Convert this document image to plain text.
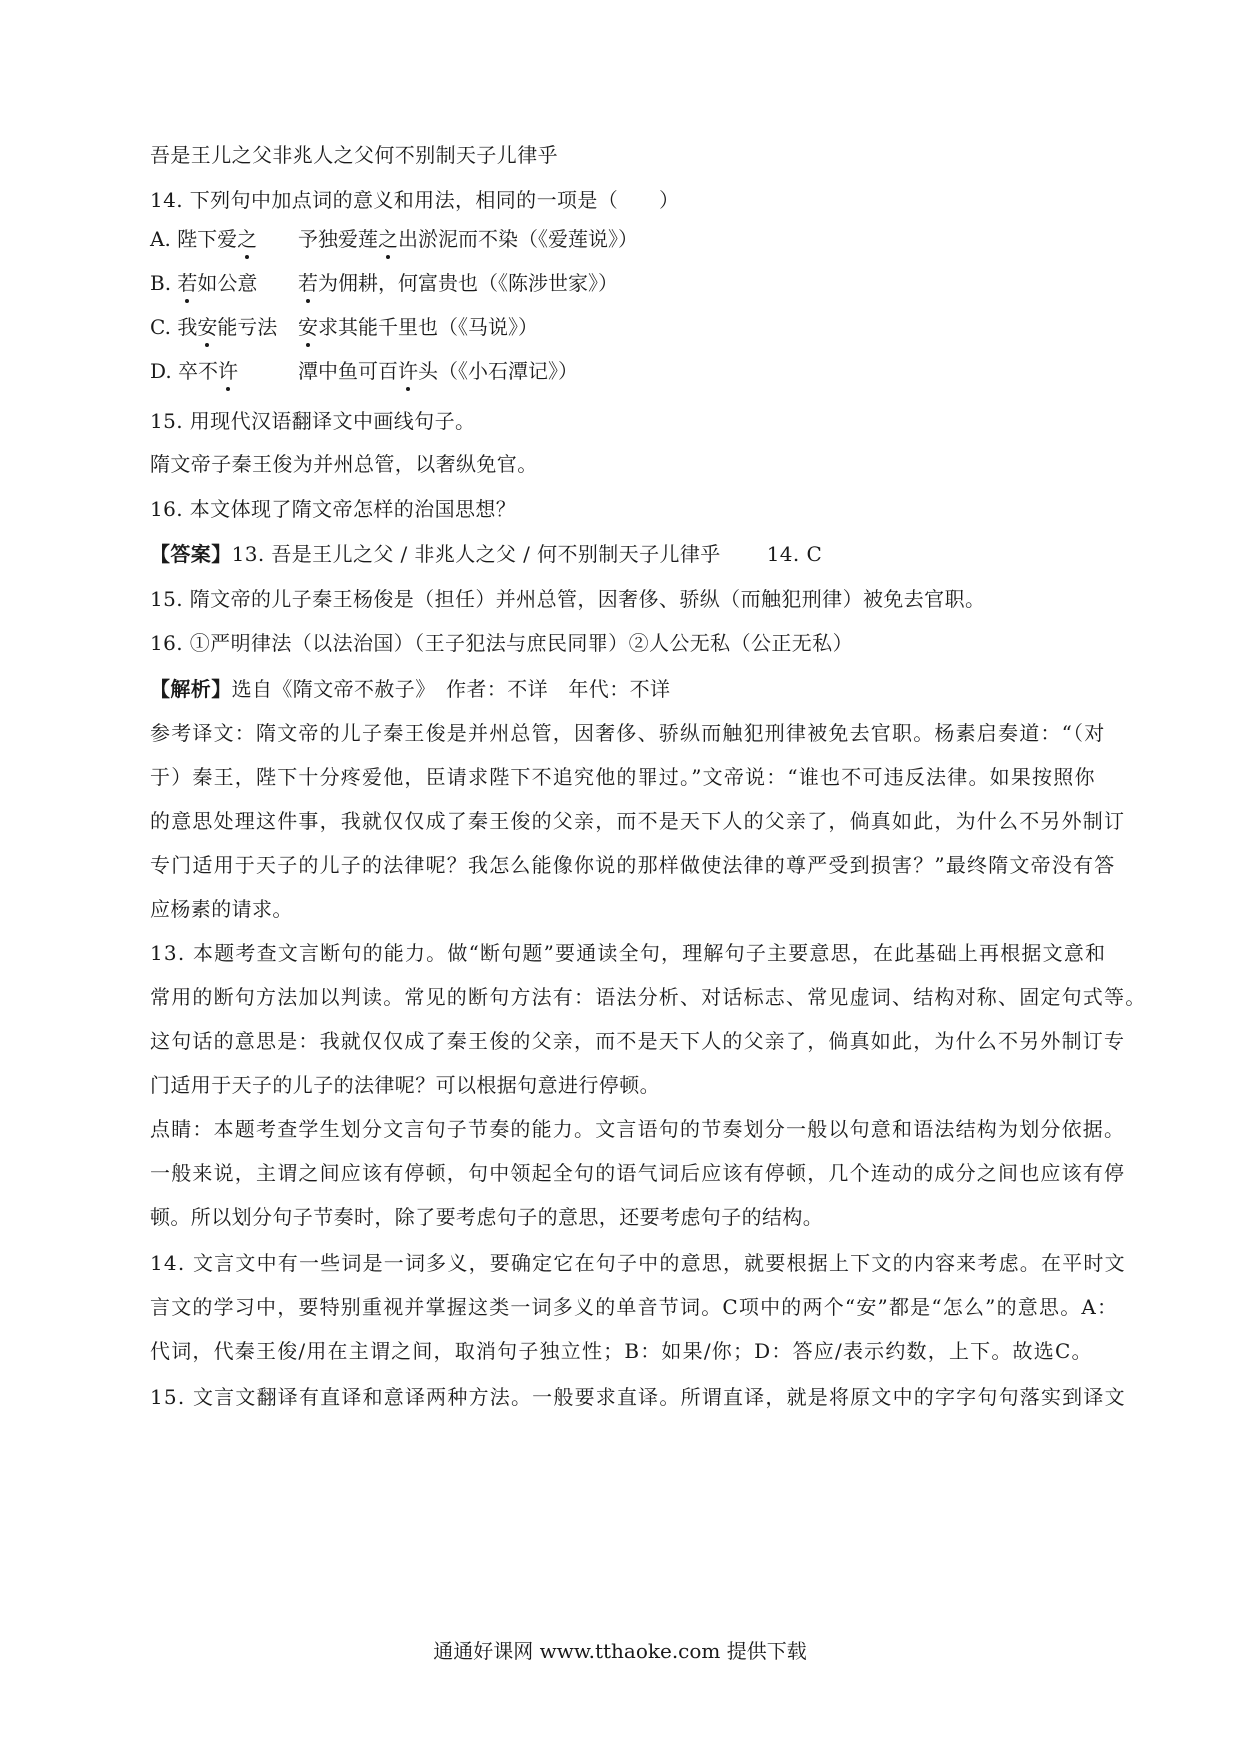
吾是王儿之父非兆人之父何不别制天子儿律乎
14. 下列句中加点词的意义和用法，相同的一项是（　　）
A. 陛下爱之 予独爱莲之出淤泥而不染（《爱莲说》）
B. 若如公意 若为佣耕，何富贵也（《陈涉世家》）
C. 我安能亏法 安求其能千里也（《马说》）
D. 卒不许	潭中鱼可百许头（《小石潭记》）
15. 用现代汉语翻译文中画线句子。
隋文帝子秦王俊为并州总管，以奢纵免官。
16. 本文体现了隋文帝怎样的治国思想？
【答案】13. 吾是王儿之父 / 非兆人之父 / 何不别制天子儿律乎 14. C
15. 隋文帝的儿子秦王杨俊是（担任）并州总管，因奢侈、骄纵（而触犯刑律）被免去官职。
16. ①严明律法（以法治国）（王子犯法与庶民同罪）②人公无私（公正无私）
【解析】选自《隋文帝不赦子》　作者：不详　年代：不详
参考译文：隋文帝的儿子秦王俊是并州总管，因奢侈、骄纵而触犯刑律被免去官职。杨素启奏道：“（对
于）秦王，陛下十分疼爱他，臣请求陛下不追究他的罪过。”文帝说：“谁也不可违反法律。如果按照你
的意思处理这件事，我就仅仅成了秦王俊的父亲，而不是天下人的父亲了，倘真如此，为什么不另外制订
专门适用于天子的儿子的法律呢？我怎么能像你说的那样做使法律的尊严受到损害？”最终隋文帝没有答
应杨素的请求。
13. 本题考查文言断句的能力。做“断句题”要通读全句，理解句子主要意思，在此基础上再根据文意和
常用的断句方法加以判读。常见的断句方法有：语法分析、对话标志、常见虚词、结构对称、固定句式等。
这句话的意思是：我就仅仅成了秦王俊的父亲，而不是天下人的父亲了，倘真如此，为什么不另外制订专
门适用于天子的儿子的法律呢？可以根据句意进行停顿。
点睛：本题考查学生划分文言句子节奏的能力。文言语句的节奏划分一般以句意和语法结构为划分依据。
一般来说，主谓之间应该有停顿，句中领起全句的语气词后应该有停顿，几个连动的成分之间也应该有停
顿。所以划分句子节奏时，除了要考虑句子的意思，还要考虑句子的结构。
14. 文言文中有一些词是一词多义，要确定它在句子中的意思，就要根据上下文的内容来考虑。在平时文
言文的学习中，要特别重视并掌握这类一词多义的单音节词。C项中的两个“安”都是“怎么”的意思。A：
代词，代秦王俊/用在主谓之间，取消句子独立性；B：如果/你；D：答应/表示约数，上下。故选C。
15. 文言文翻译有直译和意译两种方法。一般要求直译。所谓直译，就是将原文中的字字句句落实到译文
通通好课网 www.tthaoke.com 提供下载
